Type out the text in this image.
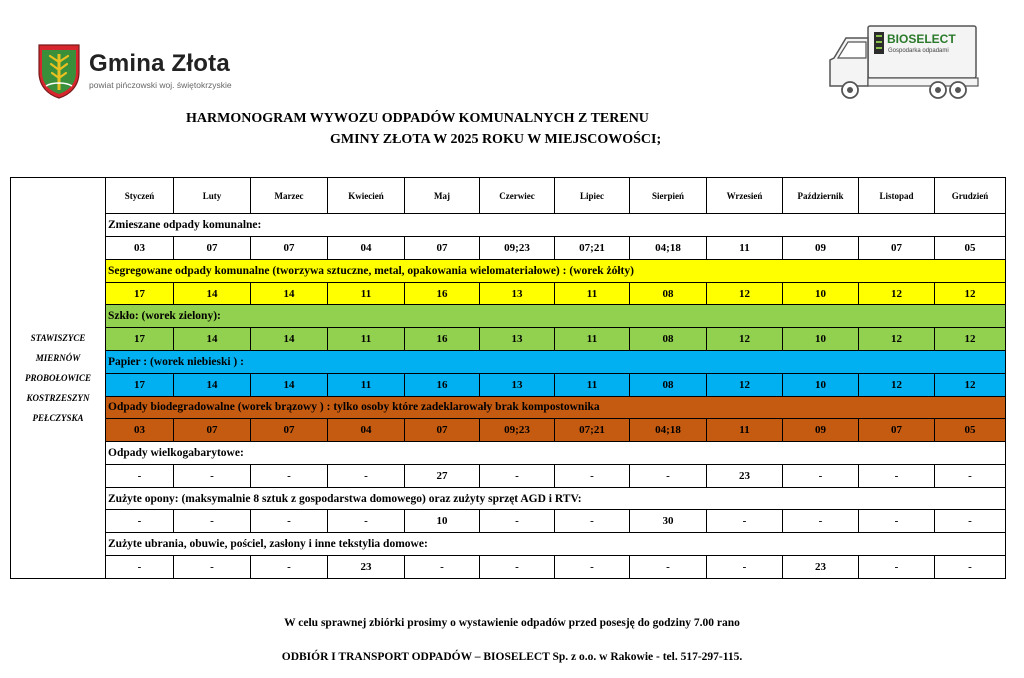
Gmina Złota
powiat pińczowski woj. świętokrzyskie
BIOSELECT
Gospodarka odpadami
HARMONOGRAM WYWOZU ODPADÓW KOMUNALNYCH Z TERENU
GMINY ZŁOTA W 2025 ROKU W MIEJSCOWOŚCI;
STAWISZYCE
MIERNÓW
PROBOŁOWICE
KOSTRZESZYN
PEŁCZYSKA	Styczeń	Luty	Marzec	Kwiecień	Maj	Czerwiec	Lipiec	Sierpień	Wrzesień	Październik	Listopad	Grudzień
	Zmieszane odpady komunalne:											
	03	07	07	04	07	09;23	07;21	04;18	11	09	07	05
	Segregowane odpady komunalne (tworzywa sztuczne, metal, opakowania wielomateriałowe) : (worek żółty)											
	17	14	14	11	16	13	11	08	12	10	12	12
	Szkło: (worek zielony):											
	17	14	14	11	16	13	11	08	12	10	12	12
	Papier : (worek niebieski ) :											
	17	14	14	11	16	13	11	08	12	10	12	12
	Odpady biodegradowalne (worek brązowy ) : tylko osoby które zadeklarowały brak kompostownika											
	03	07	07	04	07	09;23	07;21	04;18	11	09	07	05
	Odpady wielkogabarytowe:											
	-	-	-	-	27	-	-	-	23	-	-	-
	Zużyte opony: (maksymalnie 8 sztuk z gospodarstwa domowego) oraz zużyty sprzęt AGD i RTV:											
	-	-	-	-	10	-	-	30	-	-	-	-
	Zużyte ubrania, obuwie, pościel, zasłony i inne tekstylia domowe:											
	-	-	-	23	-	-	-	-	-	23	-	-
W celu sprawnej zbiórki prosimy o wystawienie odpadów przed posesję do godziny 7.00 rano
ODBIÓR I TRANSPORT ODPADÓW – BIOSELECT Sp. z o.o. w Rakowie - tel. 517-297-115.
